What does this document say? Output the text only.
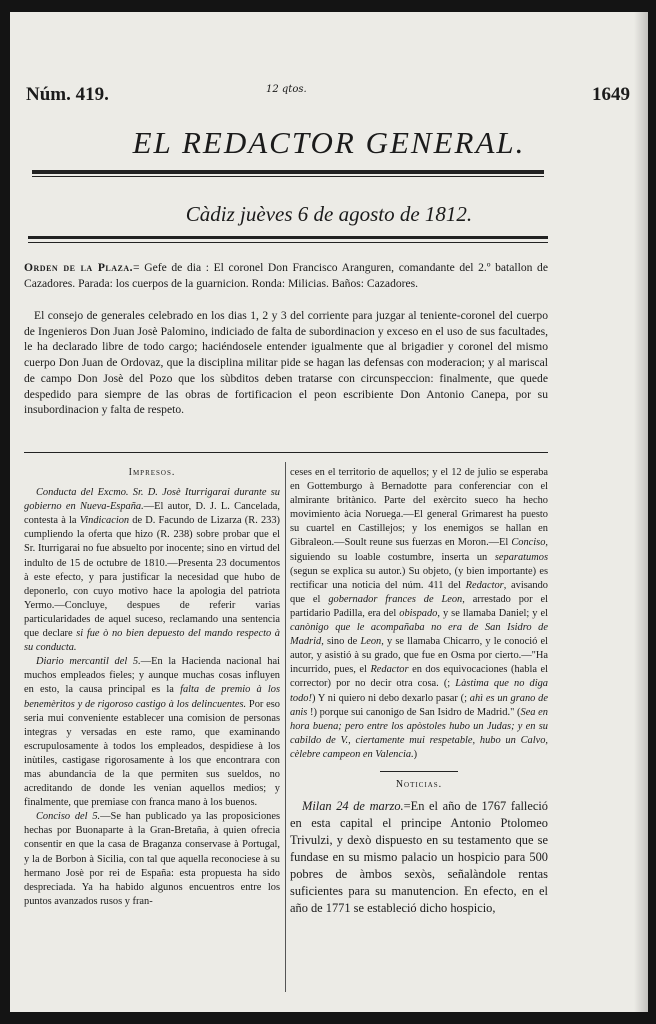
Núm. 419.	12 qtos.	1649
EL REDACTOR GENERAL.
Càdiz juèves 6 de agosto de 1812.

Orden de la Plaza.= Gefe de dia : El coronel Don Francisco Aranguren, comandante del 2.º batallon de Cazadores. Parada: los cuerpos de la guarnicion. Ronda: Milicias. Baños: Cazadores.

El consejo de generales celebrado en los dias 1, 2 y 3 del corriente para juzgar al teniente-coronel del cuerpo de Ingenieros Don Juan Josè Palomino, indiciado de falta de subordinacion y exceso en el uso de sus facultades, le ha declarado libre de todo cargo; haciéndosele entender igualmente que al brigadier y coronel del mismo cuerpo Don Juan de Ordovaz, que la disciplina militar pide se hagan las defensas con moderacion; y al mariscal de campo Don Josè del Pozo que los sùbditos deben tratarse con circunspeccion: finalmente, que quede despedido para siempre de las obras de fortificacion el peon escribiente Don Antonio Canepa, por su insubordinacion y falta de respeto.

Impresos.

Conducta del Excmo. Sr. D. Josè Iturrigarai durante su gobierno en Nueva-España.—El autor, D. J. L. Cancelada, contesta à la Vindicacion de D. Facundo de Lizarza (R. 233) cumpliendo la oferta que hizo (R. 238) sobre probar que el Sr. Iturrigarai no fue absuelto por inocente; sino en virtud del indulto de 15 de octubre de 1810.—Presenta 23 documentos à este efecto, y para justificar la necesidad que hubo de deponerlo, con cuyo motivo hace la apologia del patriota Yermo.—Concluye, despues de referir varias particularidades de aquel suceso, reclamando una sentencia que declare si fue ò no bien depuesto del mando respecto à su conducta.

Diario mercantil del 5.—En la Hacienda nacional hai muchos empleados fieles; y aunque muchas cosas influyen en esto, la causa principal es la falta de premio à los benemèritos y de rigoroso castigo à los delincuentes. Por eso seria mui conveniente establecer una comision de personas integras y versadas en este ramo, que examinando escrupulosamente à todos los empleados, despidiese à los inùtiles, castigase rigorosamente à los que encontrara con mas abundancia de la que permiten sus sueldos, no acreditando de donde les venian aquellos medios; y finalmente, que premiase con franca mano à los buenos.

Conciso del 5.—Se han publicado ya las proposiciones hechas por Buonaparte à la Gran-Bretaña, à quien ofrecia consentir en que la casa de Braganza conservase à Portugal, y la de Borbon à Sicilia, con tal que aquella reconociese à su hermano Josè por rei de España: esta propuesta ha sido despreciada. Ya ha habido algunos encuentros entre los puntos avanzados rusos y fran-

ceses en el territorio de aquellos; y el 12 de julio se esperaba en Gottemburgo à Bernadotte para conferenciar con el almirante britànico. Parte del exèrcito sueco ha hecho movimiento àcia Noruega.—El general Grimarest ha puesto su cuartel en Castillejos; y los enemigos se hallan en Gibraleon.—Soult reune sus fuerzas en Moron.—El Conciso, siguiendo su loable costumbre, inserta un separatumos (segun se explica su autor.) Su objeto, (y bien importante) es rectificar una noticia del núm. 411 del Redactor, avisando que el gobernador frances de Leon, arrestado por el partidario Padilla, era del obispado, y se llamaba Daniel; y el canònigo que le acompañaba no era de San Isidro de Madrid, sino de Leon, y se llamaba Chicarro, y le conoció el autor, y asistió à su grado, que fue en Osma por cierto.—"Ha incurrido, pues, el Redactor en dos equivocaciones (habla el corrector) por no decir otra cosa. (; Làstima que no diga todo!) Y ni quiero ni debo dexarlo pasar (; ahì es un grano de anis !) porque sui canonigo de San Isidro de Madrid." (Sea en hora buena; pero entre los apòstoles hubo un Judas; y en su cabildo de V., ciertamente mui respetable, hubo un Calvo, cèlebre campeon en Valencia.)

Noticias.

Milan 24 de marzo.=En el año de 1767 falleció en esta capital el principe Antonio Ptolomeo Trivulzi, y dexò dispuesto en su testamento que se fundase en su mismo palacio un hospicio para 500 pobres de àmbos sexòs, señalàndole rentas suficientes para su manutencion. En efecto, en el año de 1771 se estableció dicho hospicio,
